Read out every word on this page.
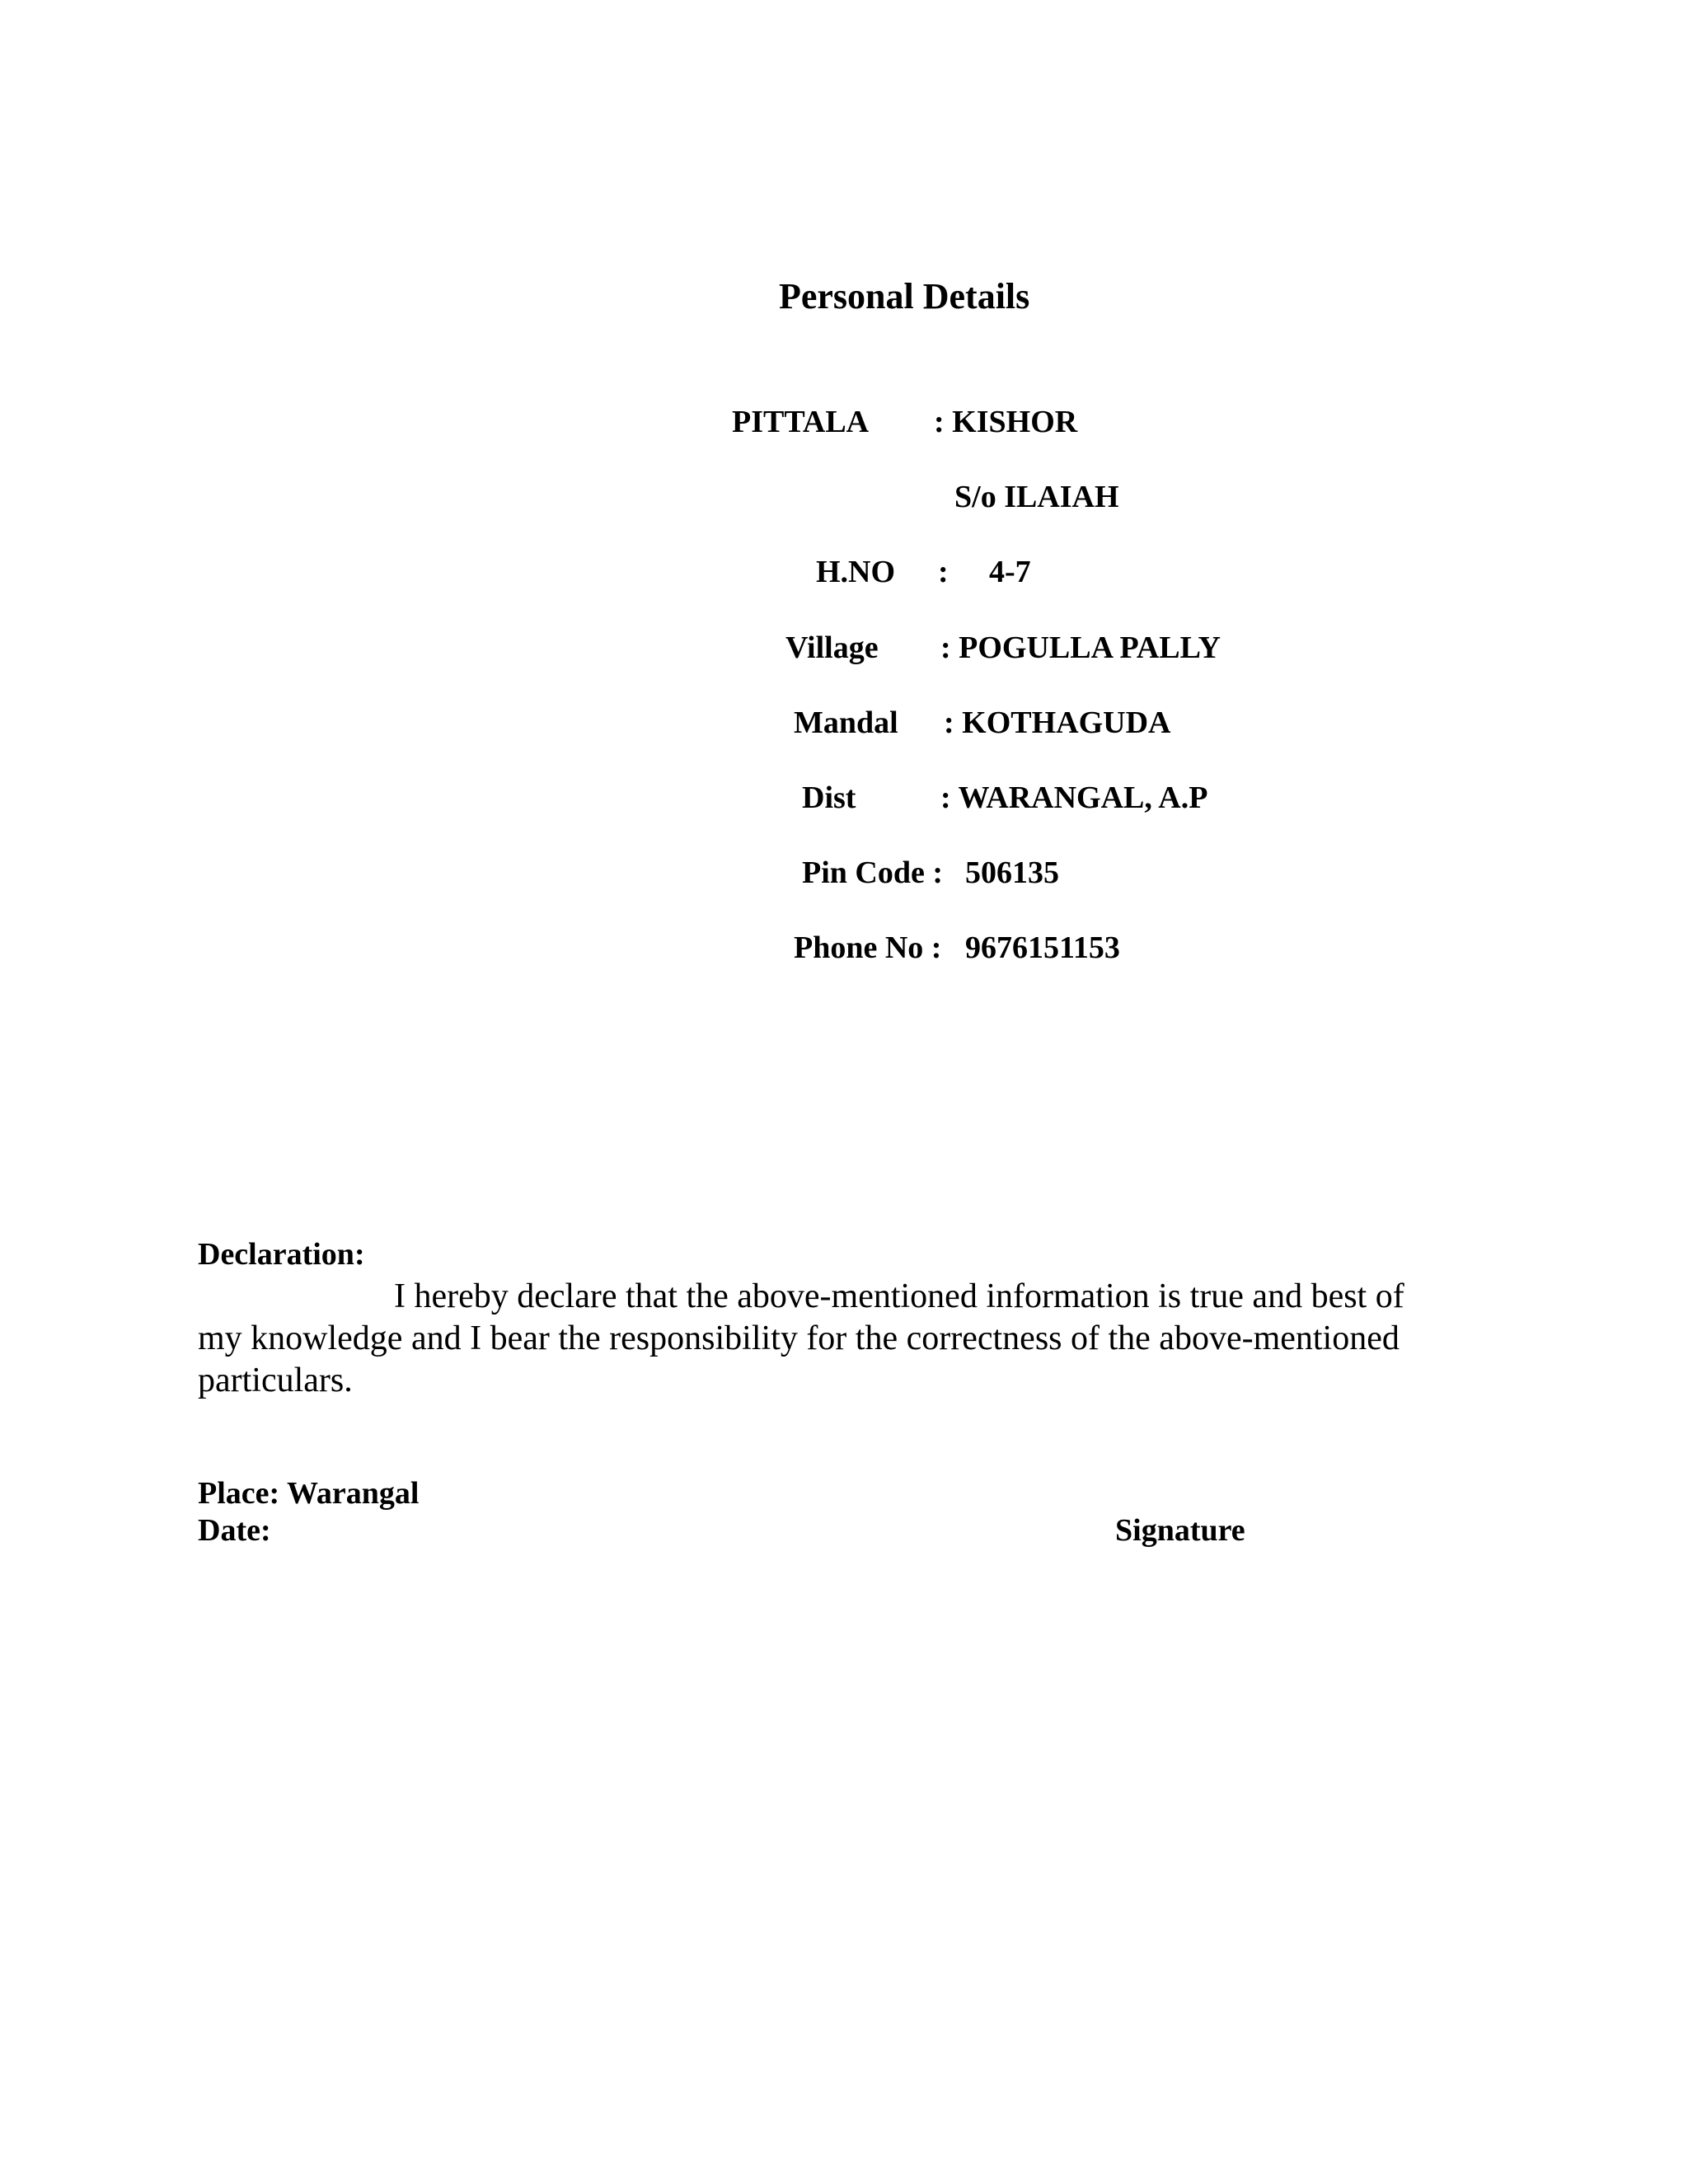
Personal Details
PITTALA : KISHOR
S/o ILAIAH
H.NO : 4-7
Village : POGULLA PALLY
Mandal : KOTHAGUDA
Dist	: WARANGAL, A.P
Pin Code : 506135
Phone No : 9676151153
Declaration:
I hereby declare that the above-mentioned information is true and best of my knowledge and I bear the responsibility for the correctness of the above-mentioned particulars.
Place: Warangal
Date:	Signature
